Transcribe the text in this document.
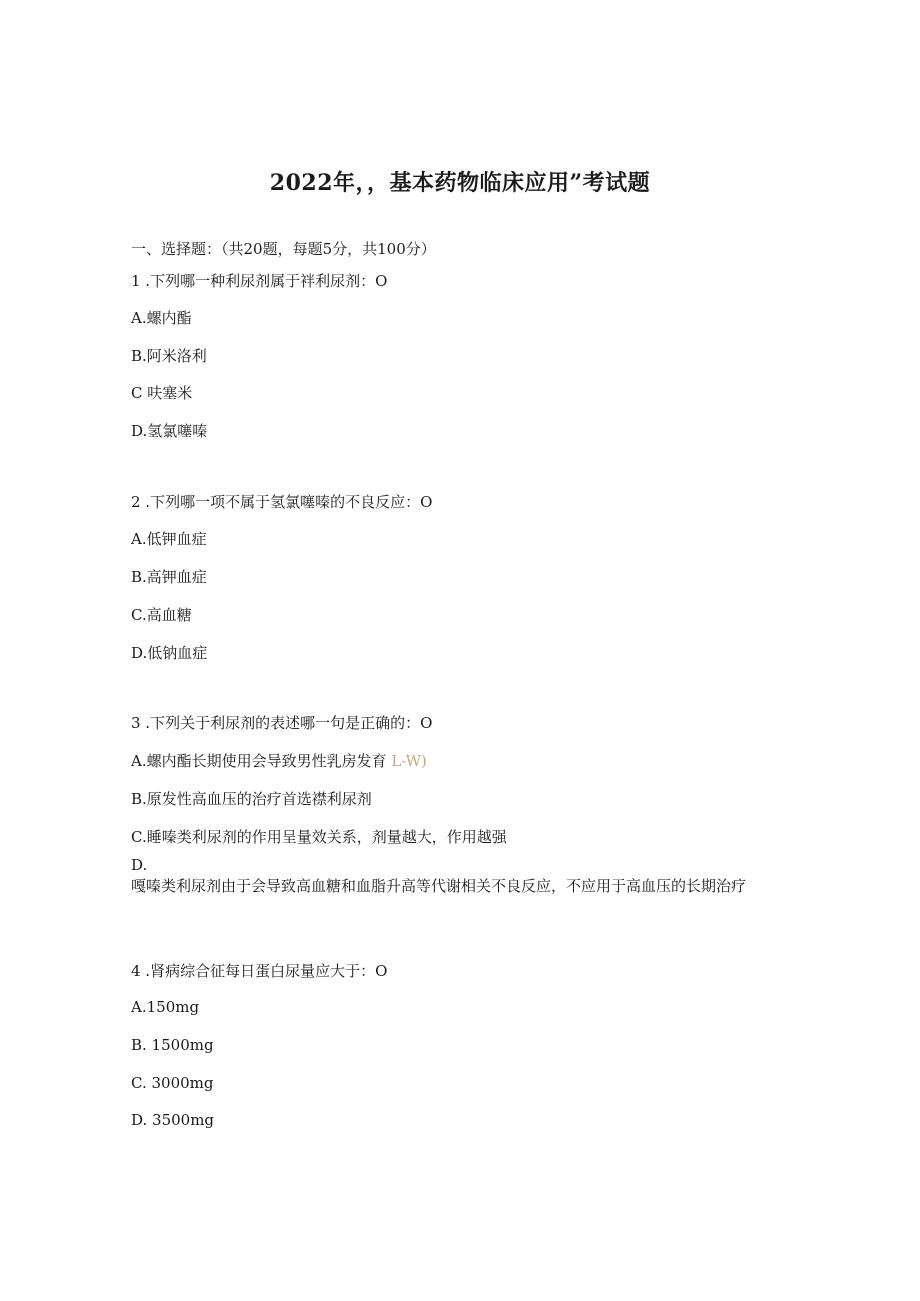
2022年，，基本药物临床应用”考试题
一、选择题：（共20题，每题5分，共100分）
1 .下列哪一种利尿剂属于袢利尿剂：O
A.螺内酯
B.阿米洛利
C 呋塞米
D.氢氯噻嗪
2 .下列哪一项不属于氢氯噻嗪的不良反应：O
A.低钾血症
B.高钾血症
C.高血糖
D.低钠血症
3 .下列关于利尿剂的表述哪一句是正确的：O
A.螺内酯长期使用会导致男性乳房发育 L-W)
B.原发性高血压的治疗首选襟利尿剂
C.睡嗪类利尿剂的作用呈量效关系，剂量越大，作用越强
D.
嘎嗪类利尿剂由于会导致高血糖和血脂升高等代谢相关不良反应，不应用于高血压的长期治疗
4 .肾病综合征每日蛋白尿量应大于：O
A.150mg
B. 1500mg
C. 3000mg
D. 3500mg
